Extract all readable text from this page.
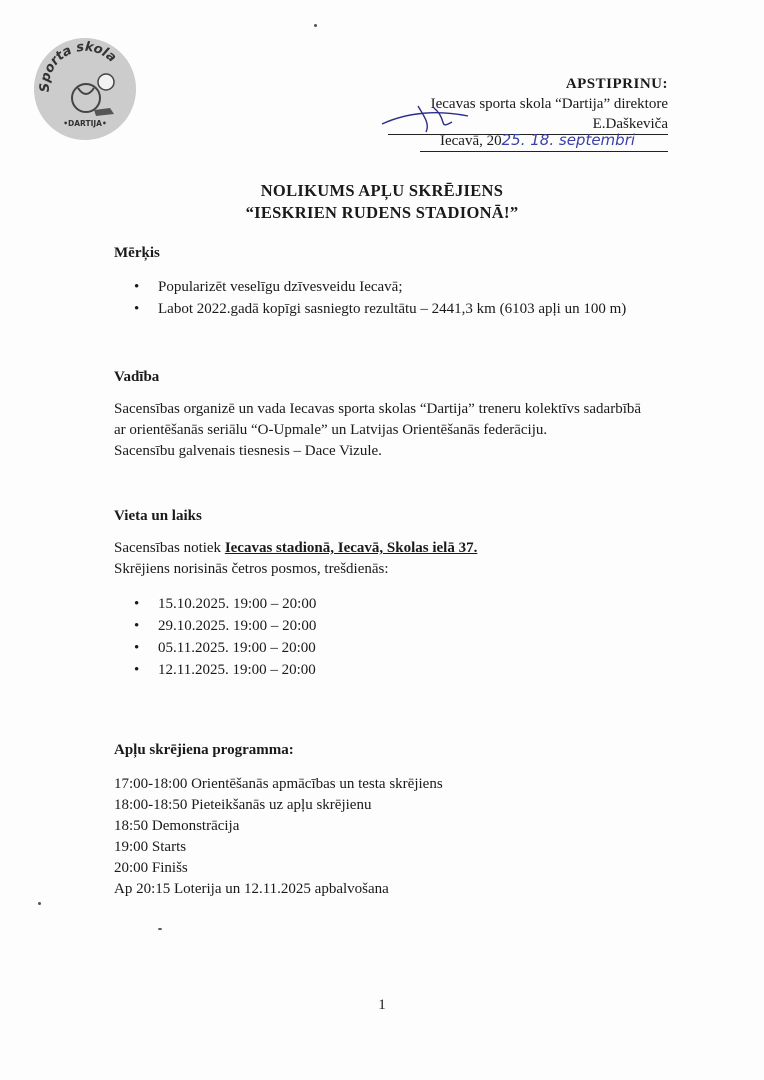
Sporta skola
•DARTIJA•
APSTIPRINU:
Iecavas sporta skola “Dartija” direktore
E.Daškeviča
Iecavā, 2025. 18. septembri
NOLIKUMS APĻU SKRĒJIENS
“IESKRIEN RUDENS STADIONĀ!”
Mērķis
• Popularizēt veselīgu dzīvesveidu Iecavā;
• Labot 2022.gadā kopīgi sasniegto rezultātu – 2441,3 km (6103 apļi un 100 m)
Vadība
Sacensības organizē un vada Iecavas sporta skolas “Dartija” treneru kolektīvs sadarbībā
ar orientēšanās seriālu “O-Upmale” un Latvijas Orientēšanās federāciju.
Sacensību galvenais tiesnesis – Dace Vizule.
Vieta un laiks
Sacensības notiek Iecavas stadionā, Iecavā, Skolas ielā 37.
Skrējiens norisinās četros posmos, trešdienās:
• 15.10.2025. 19:00 – 20:00
• 29.10.2025. 19:00 – 20:00
• 05.11.2025. 19:00 – 20:00
• 12.11.2025. 19:00 – 20:00
Apļu skrējiena programma:
17:00-18:00 Orientēšanās apmācības un testa skrējiens
18:00-18:50 Pieteikšanās uz apļu skrējienu
18:50 Demonstrācija
19:00 Starts
20:00 Finišs
Ap 20:15 Loterija un 12.11.2025 apbalvošana
1
